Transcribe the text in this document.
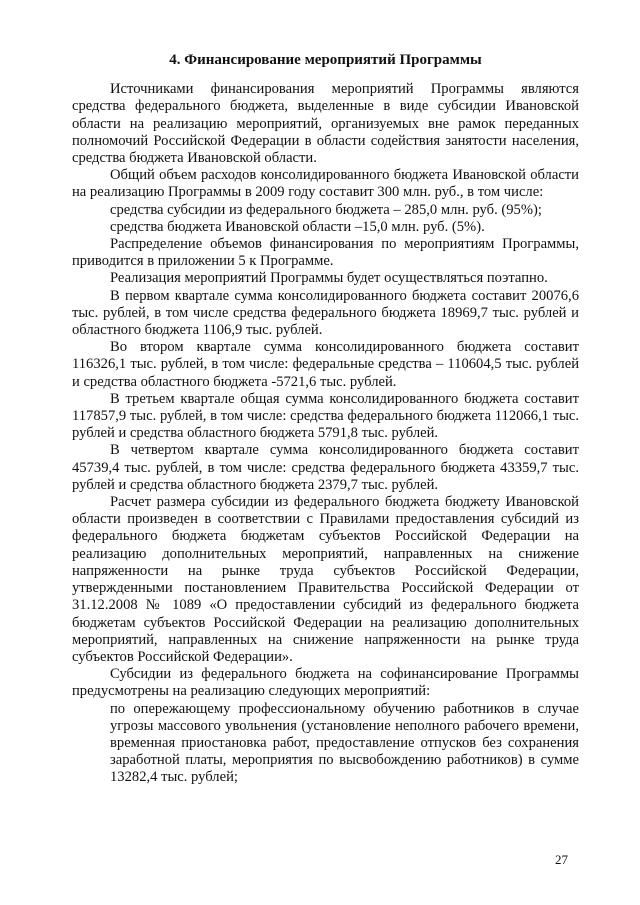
4. Финансирование мероприятий Программы

Источниками финансирования мероприятий Программы являются средства федерального бюджета, выделенные в виде субсидии Ивановской области на реализацию мероприятий, организуемых вне рамок переданных полномочий Российской Федерации в области содействия занятости населения, средства бюджета Ивановской области.

Общий объем расходов консолидированного бюджета Ивановской области на реализацию Программы в 2009 году составит 300 млн. руб., в том числе:

средства субсидии из федерального бюджета – 285,0 млн. руб. (95%);

средства бюджета Ивановской области –15,0 млн. руб. (5%).

Распределение объемов финансирования по мероприятиям Программы, приводится в приложении 5 к Программе.

Реализация мероприятий Программы будет осуществляться поэтапно.

В первом квартале сумма консолидированного бюджета составит 20076,6 тыс. рублей, в том числе средства федерального бюджета 18969,7 тыс. рублей и областного бюджета 1106,9 тыс. рублей.

Во втором квартале сумма консолидированного бюджета составит 116326,1 тыс. рублей, в том числе: федеральные средства – 110604,5 тыс. рублей и средства областного бюджета -5721,6 тыс. рублей.

В третьем квартале общая сумма консолидированного бюджета составит 117857,9 тыс. рублей, в том числе: средства федерального бюджета 112066,1 тыс. рублей и средства областного бюджета 5791,8 тыс. рублей.

В четвертом квартале сумма консолидированного бюджета составит 45739,4 тыс. рублей, в том числе: средства федерального бюджета 43359,7 тыс. рублей и средства областного бюджета 2379,7 тыс. рублей.

Расчет размера субсидии из федерального бюджета бюджету Ивановской области произведен в соответствии с Правилами предоставления субсидий из федерального бюджета бюджетам субъектов Российской Федерации на реализацию дополнительных мероприятий, направленных на снижение напряженности на рынке труда субъектов Российской Федерации, утвержденными постановлением Правительства Российской Федерации от 31.12.2008 № 1089 «О предоставлении субсидий из федерального бюджета бюджетам субъектов Российской Федерации на реализацию дополнительных мероприятий, направленных на снижение напряженности на рынке труда субъектов Российской Федерации».

Субсидии из федерального бюджета на софинансирование Программы предусмотрены на реализацию следующих мероприятий:

по опережающему профессиональному обучению работников в случае угрозы массового увольнения (установление неполного рабочего времени, временная приостановка работ, предоставление отпусков без сохранения заработной платы, мероприятия по высвобождению работников) в сумме 13282,4 тыс. рублей;

27
